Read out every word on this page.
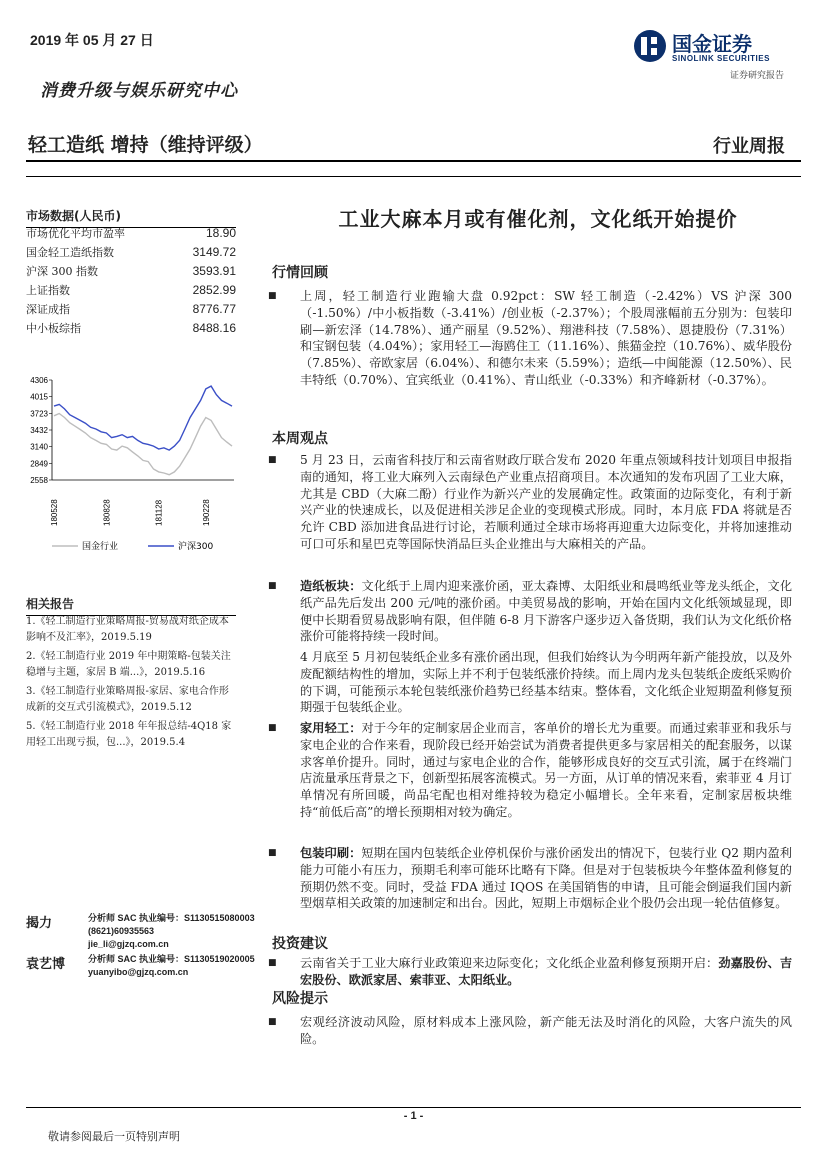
2019 年 05 月 27 日
消费升级与娱乐研究中心
国金证券
SINOLINK SECURITIES
证券研究报告
轻工造纸 增持（维持评级）	行业周报
市场数据(人民币)
市场优化平均市盈率	18.90
国金轻工造纸指数	3149.72
沪深 300 指数	3593.91
上证指数	2852.99
深证成指	8776.77
中小板综指	8488.16
4306
4015
3723
3432
3140
2849
2558
180528	180828	181128	190228
国金行业	沪深300
相关报告
1.《轻工制造行业策略周报-贸易战对纸企成本影响不及汇率》，2019.5.19
2.《轻工制造行业 2019 年中期策略-包装关注稳增与主题，家居 B 端...》，2019.5.16
3.《轻工制造行业策略周报-家居、家电合作形成新的交互式引流模式》，2019.5.12
5.《轻工制造行业 2018 年年报总结-4Q18 家用轻工出现亏损，包...》，2019.5.4
揭力	分析师 SAC 执业编号：S1130515080003
(8621)60935563
jie_li@gjzq.com.cn
袁艺博	分析师 SAC 执业编号：S1130519020005
yuanyibo@gjzq.com.cn
工业大麻本月或有催化剂，文化纸开始提价
行情回顾
■	上周，轻工制造行业跑输大盘 0.92pct：SW 轻工制造（-2.42%）VS 沪深 300（-1.50%）/中小板指数（-3.41%）/创业板（-2.37%）；个股周涨幅前五分别为：包装印刷—新宏泽（14.78%）、通产丽星（9.52%）、翔港科技（7.58%）、恩捷股份（7.31%）和宝钢包装（4.04%）；家用轻工—海鸥住工（11.16%）、熊猫金控（10.76%）、威华股份（7.85%）、帝欧家居（6.04%）、和德尔未来（5.59%）；造纸—中闽能源（12.50%）、民丰特纸（0.70%）、宜宾纸业（0.41%）、青山纸业（-0.33%）和齐峰新材（-0.37%）。
本周观点
■	5 月 23 日，云南省科技厅和云南省财政厅联合发布 2020 年重点领域科技计划项目申报指南的通知，将工业大麻列入云南绿色产业重点招商项目。本次通知的发布巩固了工业大麻，尤其是 CBD（大麻二酚）行业作为新兴产业的发展确定性。政策面的边际变化，有利于新兴产业的快速成长，以及促进相关涉足企业的变现模式形成。同时，本月底 FDA 将就是否允许 CBD 添加进食品进行讨论，若顺利通过全球市场将再迎重大边际变化，并将加速推动可口可乐和星巴克等国际快消品巨头企业推出与大麻相关的产品。
■	造纸板块：文化纸于上周内迎来涨价函，亚太森博、太阳纸业和晨鸣纸业等龙头纸企，文化纸产品先后发出 200 元/吨的涨价函。中美贸易战的影响，开始在国内文化纸领域显现，即便中长期看贸易战影响有限，但伴随 6-8 月下游客户逐步迈入备货期，我们认为文化纸价格涨价可能将持续一段时间。
4 月底至 5 月初包装纸企业多有涨价函出现，但我们始终认为今明两年新产能投放，以及外废配额结构性的增加，实际上并不利于包装纸涨价持续。而上周内龙头包装纸企废纸采购价的下调，可能预示本轮包装纸涨价趋势已经基本结束。整体看，文化纸企业短期盈利修复预期强于包装纸企业。
■	家用轻工：对于今年的定制家居企业而言，客单价的增长尤为重要。而通过索菲亚和我乐与家电企业的合作来看，现阶段已经开始尝试为消费者提供更多与家居相关的配套服务，以谋求客单价提升。同时，通过与家电企业的合作，能够形成良好的交互式引流，属于在终端门店流量承压背景之下，创新型拓展客流模式。另一方面，从订单的情况来看，索菲亚 4 月订单情况有所回暖，尚品宅配也相对维持较为稳定小幅增长。全年来看，定制家居板块维持“前低后高”的增长预期相对较为确定。
■	包装印刷：短期在国内包装纸企业停机保价与涨价函发出的情况下，包装行业 Q2 期内盈利能力可能小有压力，预期毛利率可能环比略有下降。但是对于包装板块今年整体盈利修复的预期仍然不变。同时，受益 FDA 通过 IQOS 在美国销售的申请，且可能会倒逼我们国内新型烟草相关政策的加速制定和出台。因此，短期上市烟标企业个股仍会出现一轮估值修复。
投资建议
■	云南省关于工业大麻行业政策迎来边际变化；文化纸企业盈利修复预期开启：劲嘉股份、吉宏股份、欧派家居、索菲亚、太阳纸业。
风险提示
■	宏观经济波动风险，原材料成本上涨风险，新产能无法及时消化的风险，大客户流失的风险。
- 1 -
敬请参阅最后一页特别声明
